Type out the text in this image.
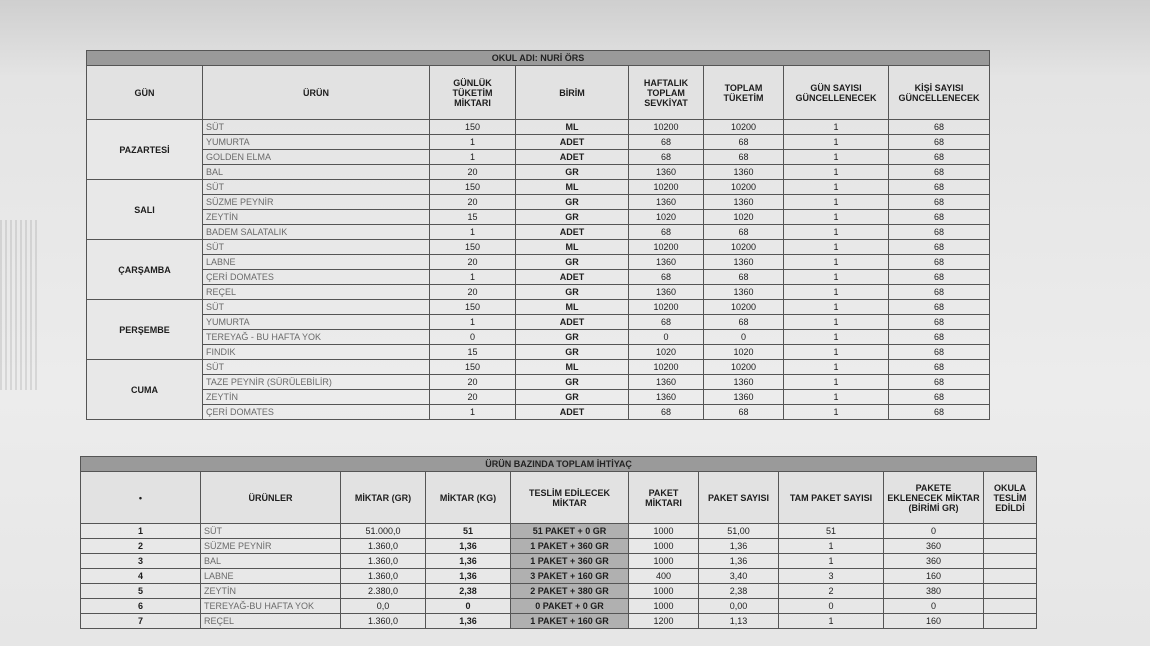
OKUL ADI: NURİ ÖRS							
GÜN	ÜRÜN	GÜNLÜK TÜKETİM MİKTARI	BİRİM	HAFTALIK TOPLAM SEVKİYAT	TOPLAM TÜKETİM	GÜN SAYISI GÜNCELLENECEK	KİŞİ SAYISI GÜNCELLENECEK
PAZARTESİ	SÜT	150	ML	10200	10200	1	68
	YUMURTA	1	ADET	68	68	1	68
	GOLDEN ELMA	1	ADET	68	68	1	68
	BAL	20	GR	1360	1360	1	68
SALI	SÜT	150	ML	10200	10200	1	68
	SÜZME PEYNİR	20	GR	1360	1360	1	68
	ZEYTİN	15	GR	1020	1020	1	68
	BADEM SALATALIK	1	ADET	68	68	1	68
ÇARŞAMBA	SÜT	150	ML	10200	10200	1	68
	LABNE	20	GR	1360	1360	1	68
	ÇERİ DOMATES	1	ADET	68	68	1	68
	REÇEL	20	GR	1360	1360	1	68
PERŞEMBE	SÜT	150	ML	10200	10200	1	68
	YUMURTA	1	ADET	68	68	1	68
	TEREYAĞ - BU HAFTA YOK	0	GR	0	0	1	68
	FINDIK	15	GR	1020	1020	1	68
CUMA	SÜT	150	ML	10200	10200	1	68
	TAZE PEYNİR (SÜRÜLEBİLİR)	20	GR	1360	1360	1	68
	ZEYTİN	20	GR	1360	1360	1	68
	ÇERİ DOMATES	1	ADET	68	68	1	68
ÜRÜN BAZINDA TOPLAM İHTİYAÇ									
•	ÜRÜNLER	MİKTAR (GR)	MİKTAR (KG)	TESLİM EDİLECEK MİKTAR	PAKET MİKTARI	PAKET SAYISI	TAM PAKET SAYISI	PAKETE EKLENECEK MİKTAR (BİRİMİ GR)	OKULA TESLİM EDİLDİ
1	SÜT	51.000,0	51	51 PAKET + 0 GR	1000	51,00	51	0	
2	SÜZME PEYNİR	1.360,0	1,36	1 PAKET + 360 GR	1000	1,36	1	360	
3	BAL	1.360,0	1,36	1 PAKET + 360 GR	1000	1,36	1	360	
4	LABNE	1.360,0	1,36	3 PAKET + 160 GR	400	3,40	3	160	
5	ZEYTİN	2.380,0	2,38	2 PAKET + 380 GR	1000	2,38	2	380	
6	TEREYAĞ-BU HAFTA YOK	0,0	0	0 PAKET + 0 GR	1000	0,00	0	0	
7	REÇEL	1.360,0	1,36	1 PAKET + 160 GR	1200	1,13	1	160	
